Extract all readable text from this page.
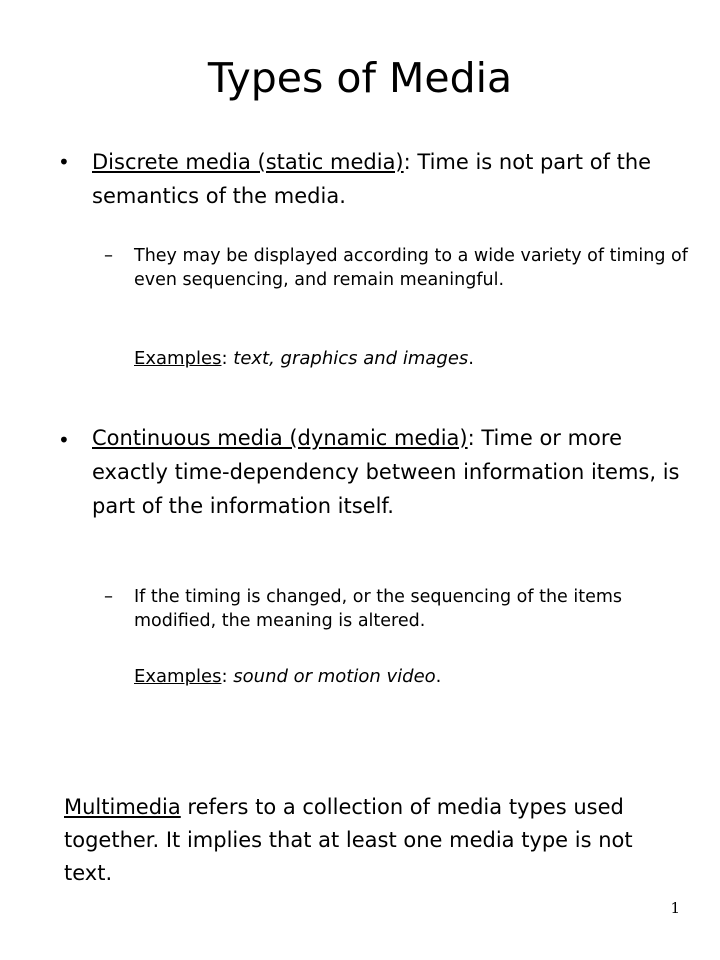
Types of Media
• Discrete media (static media): Time is not part of the semantics of the media.

– They may be displayed according to a wide variety of timing of even sequencing, and remain meaningful.

Examples: text, graphics and images.

• Continuous media (dynamic media): Time or more exactly time-dependency between information items, is part of the information itself.

– If the timing is changed, or the sequencing of the items modified, the meaning is altered.

Examples: sound or motion video.

Multimedia refers to a collection of media types used together. It implies that at least one media type is not text.

1
